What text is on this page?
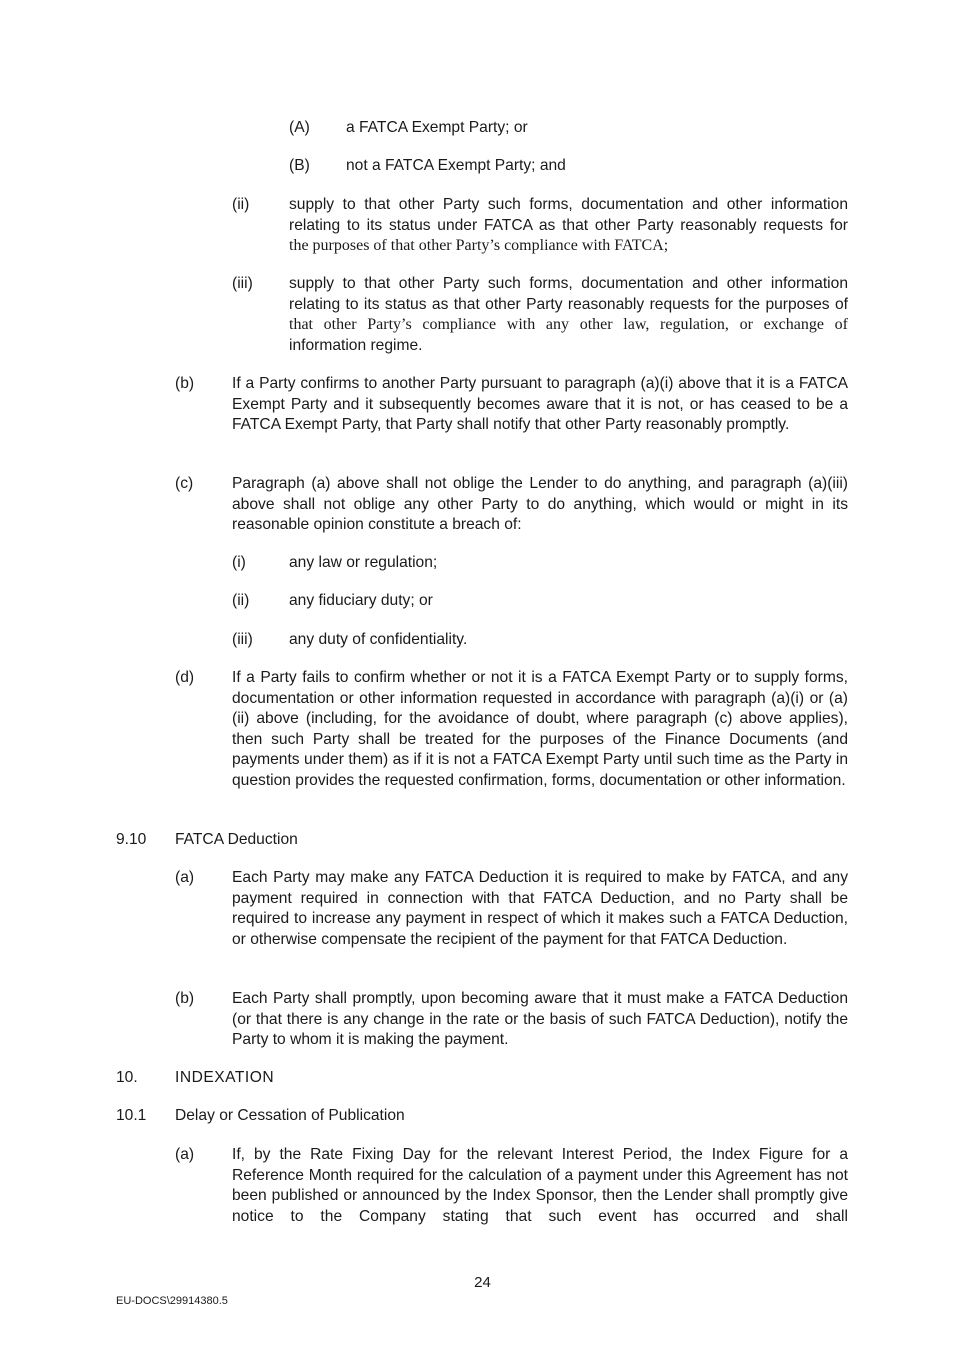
(A) a FATCA Exempt Party; or

(B) not a FATCA Exempt Party; and

(ii)	supply to that other Party such forms, documentation and other information relating to its status under FATCA as that other Party reasonably requests for
the purposes of that other Party’s compliance with FATCA;

(iii) supply to that other Party such forms, documentation and other information relating to its status as that other Party reasonably requests for the purposes of
that other Party’s compliance with any other law, regulation, or exchange of
information regime.

(b) If a Party confirms to another Party pursuant to paragraph (a)(i) above that it is a FATCA Exempt Party and it subsequently becomes aware that it is not, or has ceased to be a FATCA Exempt Party, that Party shall notify that other Party reasonably promptly.

(c) Paragraph (a) above shall not oblige the Lender to do anything, and paragraph (a)(iii) above shall not oblige any other Party to do anything, which would or might in its reasonable opinion constitute a breach of:

(i)	any law or regulation;

(ii)	any fiduciary duty; or

(iii) any duty of confidentiality.

(d) If a Party fails to confirm whether or not it is a FATCA Exempt Party or to supply forms, documentation or other information requested in accordance with paragraph (a)(i) or (a)(ii) above (including, for the avoidance of doubt, where paragraph (c) above applies), then such Party shall be treated for the purposes of the Finance Documents (and payments under them) as if it is not a FATCA Exempt Party until such time as the Party in question provides the requested confirmation, forms, documentation or other information.

9.10 FATCA Deduction

(a) Each Party may make any FATCA Deduction it is required to make by FATCA, and any payment required in connection with that FATCA Deduction, and no Party shall be required to increase any payment in respect of which it makes such a FATCA Deduction, or otherwise compensate the recipient of the payment for that FATCA Deduction.

(b) Each Party shall promptly, upon becoming aware that it must make a FATCA Deduction (or that there is any change in the rate or the basis of such FATCA Deduction), notify the Party to whom it is making the payment.

10. INDEXATION

10.1 Delay or Cessation of Publication

(a) If, by the Rate Fixing Day for the relevant Interest Period, the Index Figure for a Reference Month required for the calculation of a payment under this Agreement has not been published or announced by the Index Sponsor, then the Lender shall promptly give notice to the Company stating that such event has occurred and shall

24
EU-DOCS\29914380.5
